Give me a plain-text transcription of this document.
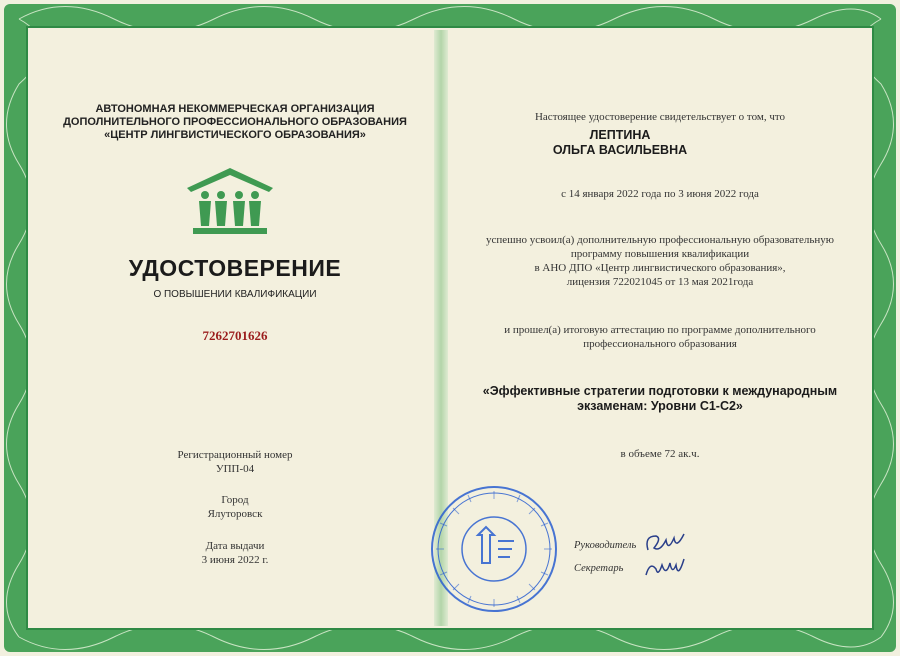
АВТОНОМНАЯ НЕКОММЕРЧЕСКАЯ ОРГАНИЗАЦИЯ
ДОПОЛНИТЕЛЬНОГО ПРОФЕССИОНАЛЬНОГО ОБРАЗОВАНИЯ
«ЦЕНТР ЛИНГВИСТИЧЕСКОГО ОБРАЗОВАНИЯ»
УДОСТОВЕРЕНИЕ
О ПОВЫШЕНИИ КВАЛИФИКАЦИИ
7262701626
Регистрационный номер
УПП-04
Город
Ялуторовск
Дата выдачи
3 июня 2022 г.
Настоящее удостоверение свидетельствует о том, что
ЛЕПТИНА
ОЛЬГА ВАСИЛЬЕВНА
с 14 января 2022 года по 3 июня 2022 года
успешно усвоил(а) дополнительную профессиональную образовательную
программу повышения квалификации
в АНО ДПО «Центр лингвистического образования»,
лицензия 722021045 от 13 мая 2021года
и прошел(а) итоговую аттестацию по программе дополнительного
профессионального образования
«Эффективные стратегии подготовки к международным
экзаменам: Уровни С1-С2»
в объеме 72 ак.ч.
Руководитель
Секретарь
